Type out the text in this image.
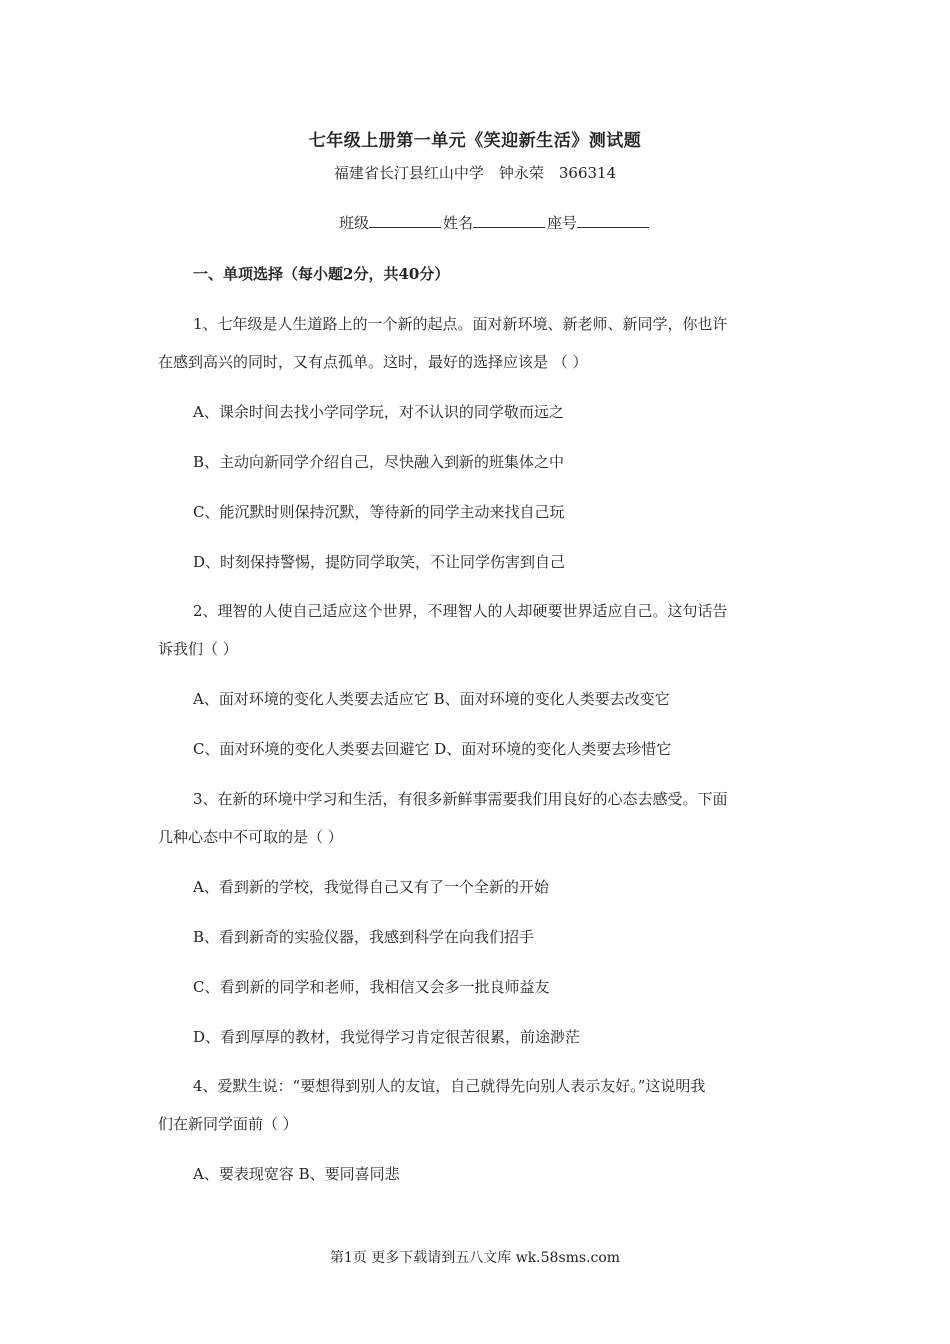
七年级上册第一单元《笑迎新生活》测试题
福建省长汀县红山中学　钟永荣　366314
班级	姓名	座号
一、单项选择（每小题2分，共40分）
1、七年级是人生道路上的一个新的起点。面对新环境、新老师、新同学，你也许
在感到高兴的同时，又有点孤单。这时，最好的选择应该是 （ ）
A、课余时间去找小学同学玩，对不认识的同学敬而远之
B、主动向新同学介绍自己，尽快融入到新的班集体之中
C、能沉默时则保持沉默，等待新的同学主动来找自己玩
D、时刻保持警惕，提防同学取笑，不让同学伤害到自己
2、理智的人使自己适应这个世界，不理智人的人却硬要世界适应自己。这句话告
诉我们（ ）
A、面对环境的变化人类要去适应它 B、面对环境的变化人类要去改变它
C、面对环境的变化人类要去回避它 D、面对环境的变化人类要去珍惜它
3、在新的环境中学习和生活，有很多新鲜事需要我们用良好的心态去感受。下面
几种心态中不可取的是（ ）
A、看到新的学校，我觉得自己又有了一个全新的开始
B、看到新奇的实验仪器，我感到科学在向我们招手
C、看到新的同学和老师，我相信又会多一批良师益友
D、看到厚厚的教材，我觉得学习肯定很苦很累，前途渺茫
4、爱默生说：“要想得到别人的友谊，自己就得先向别人表示友好。”这说明我
们在新同学面前（ ）
A、要表现宽容 B、要同喜同悲
第1页 更多下载请到五八文库 wk.58sms.com
